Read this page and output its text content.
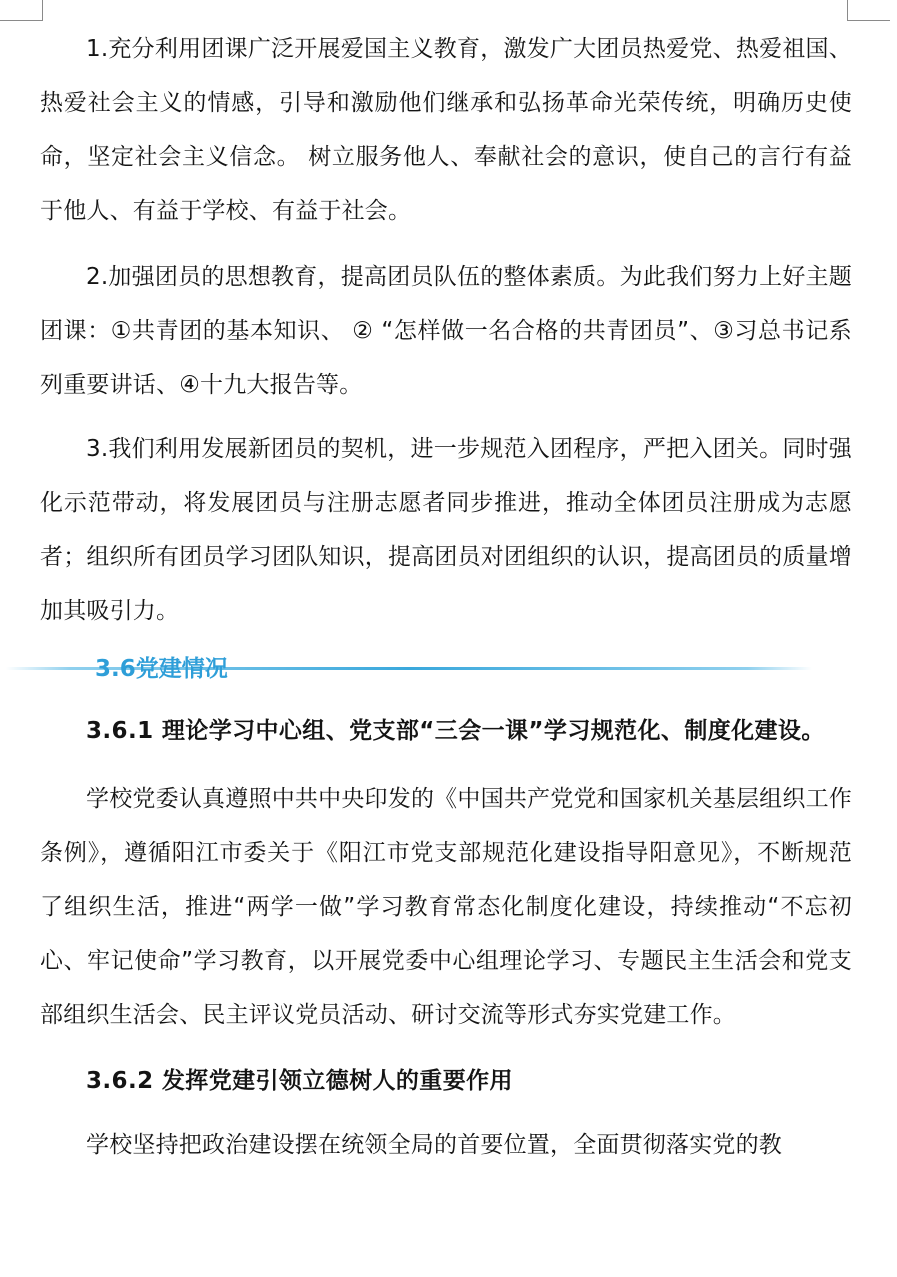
1.充分利用团课广泛开展爱国主义教育，激发广大团员热爱党、热爱祖国、热爱社会主义的情感，引导和激励他们继承和弘扬革命光荣传统，明确历史使命，坚定社会主义信念。 树立服务他人、奉献社会的意识，使自己的言行有益于他人、有益于学校、有益于社会。

2.加强团员的思想教育，提高团员队伍的整体素质。为此我们努力上好主题团课：①共青团的基本知识、 ② “怎样做一名合格的共青团员”、③习总书记系列重要讲话、④十九大报告等。

3.我们利用发展新团员的契机，进一步规范入团程序，严把入团关。同时强化示范带动，将发展团员与注册志愿者同步推进，推动全体团员注册成为志愿者；组织所有团员学习团队知识，提高团员对团组织的认识，提高团员的质量增加其吸引力。

3.6党建情况
3.6.1 理论学习中心组、党支部“三会一课”学习规范化、制度化建设。

学校党委认真遵照中共中央印发的《中国共产党党和国家机关基层组织工作条例》，遵循阳江市委关于《阳江市党支部规范化建设指导阳意见》，不断规范了组织生活，推进“两学一做”学习教育常态化制度化建设，持续推动“不忘初心、牢记使命”学习教育，以开展党委中心组理论学习、专题民主生活会和党支部组织生活会、民主评议党员活动、研讨交流等形式夯实党建工作。

3.6.2 发挥党建引领立德树人的重要作用

学校坚持把政治建设摆在统领全局的首要位置，全面贯彻落实党的教
